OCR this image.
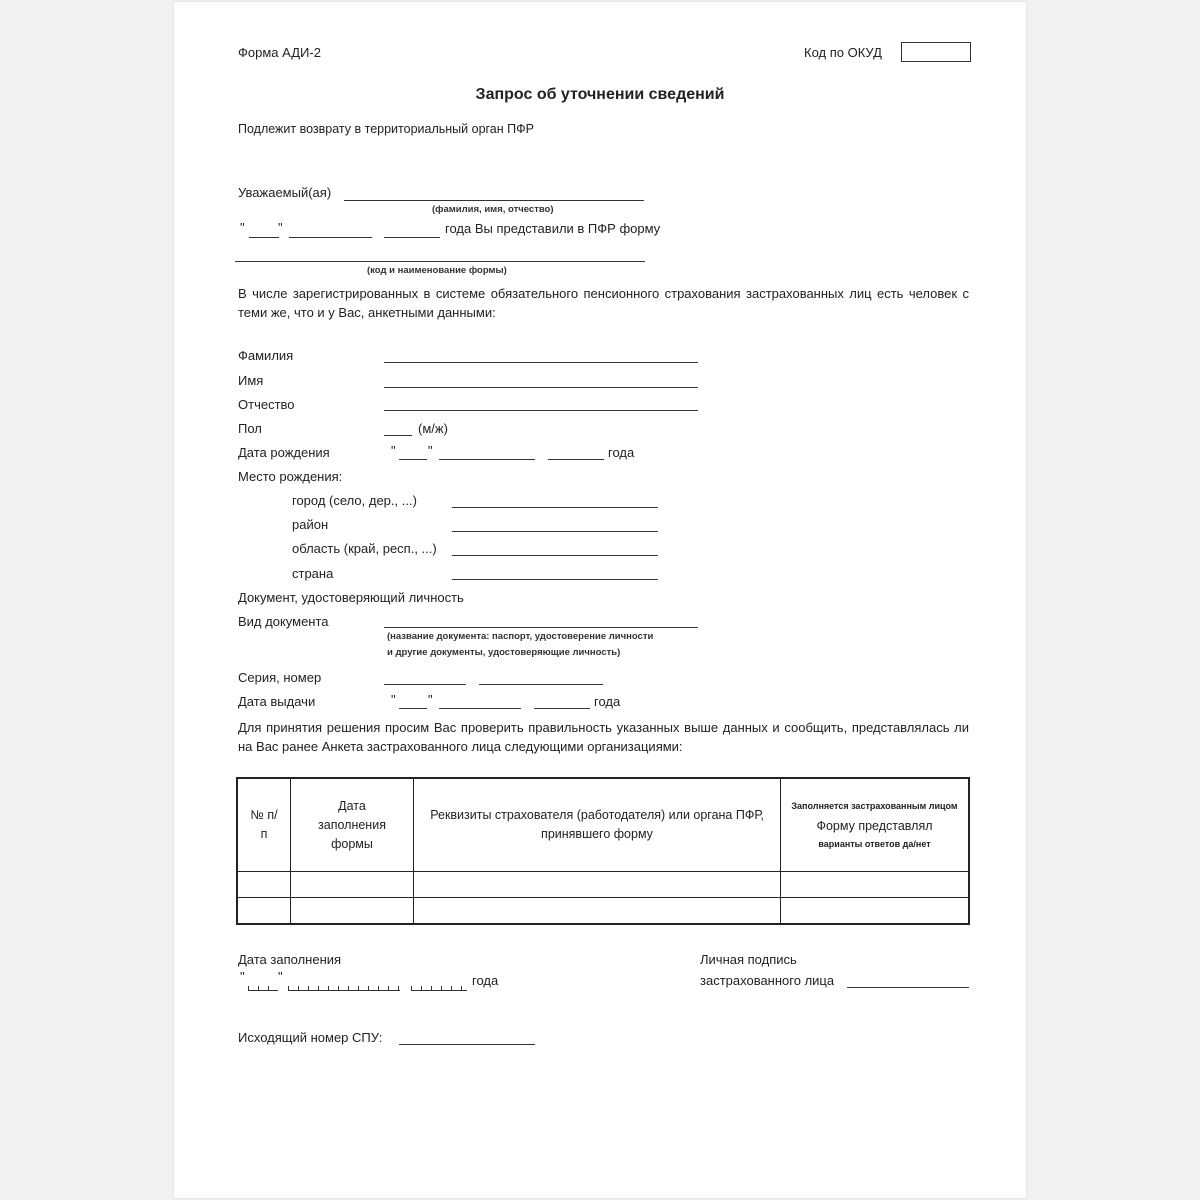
Форма АДИ-2	Код по ОКУД
Запрос об уточнении сведений
Подлежит возврату в территориальный орган ПФР
Уважаемый(ая)
(фамилия, имя, отчество)
"	"	года Вы представили в ПФР форму
(код и наименование формы)
В числе зарегистрированных в системе обязательного пенсионного страхования застрахованных лиц есть человек с теми же, что и у Вас, анкетными данными:
Фамилия
Имя
Отчество
Пол	(м/ж)
Дата рождения	" "	года
Место рождения:
город (село, дер., ...)
район
область (край, респ., ...)
страна
Документ, удостоверяющий личность
Вид документа
(название документа: паспорт, удостоверение личности
и другие документы, удостоверяющие личность)
Серия, номер
Дата выдачи	" "	года
Для принятия решения просим Вас проверить правильность указанных выше данных и сообщить, представлялась ли на Вас ранее Анкета застрахованного лица следующими организациями:
№ п/п	Дата заполнения формы	Реквизиты страхователя (работодателя) или органа ПФР, принявшего форму	Заполняется застрахованным лицом
Форму представлял
варианты ответов да/нет

Дата заполнения
"	"	года
Личная подпись
застрахованного лица
Исходящий номер СПУ:
